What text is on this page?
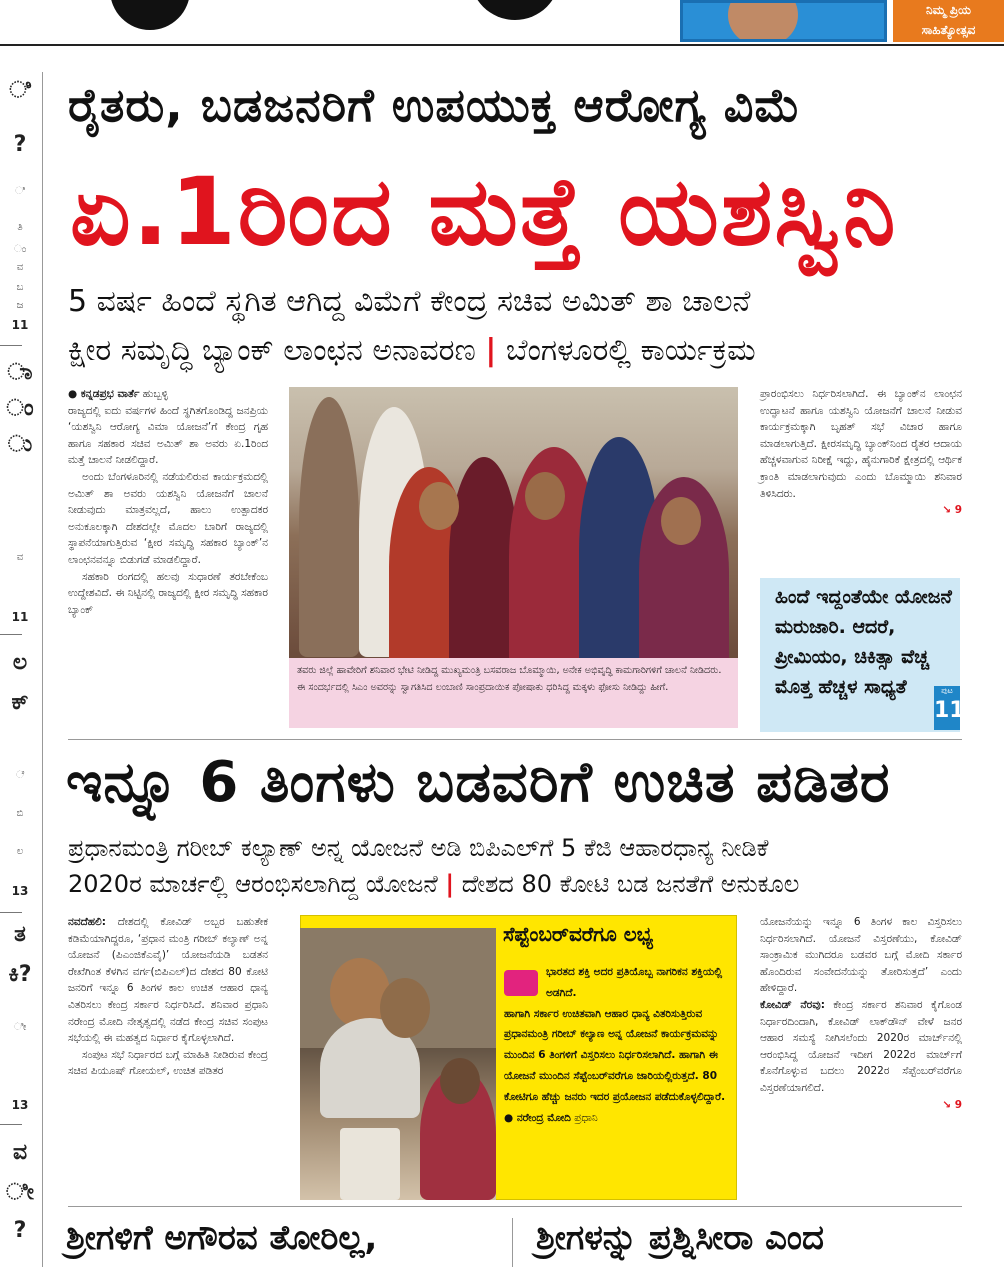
ನಿಮ್ಮ ಪ್ರಿಯ
ಸಾಹಿತ್ಯೋತ್ಸವ
ಿ
?
ಿ
ತಿ
ಂ
ವ
ಬ
ಜ
11
ಾ
ಂ
ು
ವ
11
ಲ
ಕ್
ೆ
ಬಿ
ಲ
13
ತ
ಕಿ?
ೀ
13
ವ
ೀ
?
ರೈತರು, ಬಡಜನರಿಗೆ ಉಪಯುಕ್ತ ಆರೋಗ್ಯ ವಿಮೆ
ಏ.1ರಿಂದ ಮತ್ತೆ ಯಶಸ್ವಿನಿ
5 ವರ್ಷ ಹಿಂದೆ ಸ್ಥಗಿತ ಆಗಿದ್ದ ವಿಮೆಗೆ ಕೇಂದ್ರ ಸಚಿವ ಅಮಿತ್ ಶಾ ಚಾಲನೆ
ಕ್ಷೀರ ಸಮೃದ್ಧಿ ಬ್ಯಾಂಕ್ ಲಾಂಛನ ಅನಾವರಣ | ಬೆಂಗಳೂರಲ್ಲಿ ಕಾರ್ಯಕ್ರಮ

● ಕನ್ನಡಪ್ರಭ ವಾರ್ತೆ ಹುಬ್ಬಳ್ಳಿ

ರಾಜ್ಯದಲ್ಲಿ ಐದು ವರ್ಷಗಳ ಹಿಂದೆ ಸ್ಥಗಿತಗೊಂಡಿದ್ದ ಜನಪ್ರಿಯ ‘ಯಶಸ್ವಿನಿ ಆರೋಗ್ಯ ವಿಮಾ ಯೋಜನೆ’ಗೆ ಕೇಂದ್ರ ಗೃಹ ಹಾಗೂ ಸಹಕಾರ ಸಚಿವ ಅಮಿತ್ ಶಾ ಅವರು ಏ.1ರಿಂದ ಮತ್ತೆ ಚಾಲನೆ ನೀಡಲಿದ್ದಾರೆ.

ಅಂದು ಬೆಂಗಳೂರಿನಲ್ಲಿ ನಡೆಯಲಿರುವ ಕಾರ್ಯಕ್ರಮದಲ್ಲಿ ಅಮಿತ್ ಶಾ ಅವರು ಯಶಸ್ವಿನಿ ಯೋಜನೆಗೆ ಚಾಲನೆ ನೀಡುವುದು ಮಾತ್ರವಲ್ಲದೆ, ಹಾಲು ಉತ್ಪಾದಕರ ಅನುಕೂಲಕ್ಕಾಗಿ ದೇಶದಲ್ಲೇ ಮೊದಲ ಬಾರಿಗೆ ರಾಜ್ಯದಲ್ಲಿ ಸ್ಥಾಪನೆಯಾಗುತ್ತಿರುವ ‘ಕ್ಷೀರ ಸಮೃದ್ಧಿ ಸಹಕಾರ ಬ್ಯಾಂಕ್’ನ ಲಾಂಛನವನ್ನೂ ಬಿಡುಗಡೆ ಮಾಡಲಿದ್ದಾರೆ.

ಸಹಕಾರಿ ರಂಗದಲ್ಲಿ ಹಲವು ಸುಧಾರಣೆ ತರಬೇಕೆಂಬ ಉದ್ದೇಶವಿದೆ. ಈ ನಿಟ್ಟಿನಲ್ಲಿ ರಾಜ್ಯದಲ್ಲಿ ಕ್ಷೀರ ಸಮೃದ್ಧಿ ಸಹಕಾರ ಬ್ಯಾಂಕ್

ತವರು ಜಿಲ್ಲೆ ಹಾವೇರಿಗೆ ಶನಿವಾರ ಭೇಟಿ ನೀಡಿದ್ದ ಮುಖ್ಯಮಂತ್ರಿ ಬಸವರಾಜ ಬೊಮ್ಮಾಯಿ, ಅನೇಕ ಅಭಿವೃದ್ಧಿ ಕಾಮಗಾರಿಗಳಿಗೆ ಚಾಲನೆ ನೀಡಿದರು. ಈ ಸಂದರ್ಭದಲ್ಲಿ ಸಿಎಂ ಅವರನ್ನು ಸ್ವಾಗತಿಸಿದ ಲಂಬಾಣಿ ಸಾಂಪ್ರದಾಯಿಕ ಪೋಷಾಕು ಧರಿಸಿದ್ದ ಮಕ್ಕಳು ಫೋಸು ನೀಡಿದ್ದು ಹೀಗೆ.

ಪ್ರಾರಂಭಿಸಲು ನಿರ್ಧರಿಸಲಾಗಿದೆ. ಈ ಬ್ಯಾಂಕ್‌ನ ಲಾಂಛನ ಉದ್ಘಾಟನೆ ಹಾಗೂ ಯಶಸ್ವಿನಿ ಯೋಜನೆಗೆ ಚಾಲನೆ ನೀಡುವ ಕಾರ್ಯಕ್ರಮಕ್ಕಾಗಿ ಬೃಹತ್ ಸಭೆ ವಿಚಾರ ಹಾಗೂ ಮಾಡಲಾಗುತ್ತಿದೆ. ಕ್ಷೀರಸಮೃದ್ಧಿ ಬ್ಯಾಂಕ್‌ನಿಂದ ರೈತರ ಆದಾಯ ಹೆಚ್ಚಳವಾಗುವ ನಿರೀಕ್ಷೆ ಇದ್ದು, ಹೈನುಗಾರಿಕೆ ಕ್ಷೇತ್ರದಲ್ಲಿ ಆರ್ಥಿಕ ಕ್ರಾಂತಿ ಮಾಡಲಾಗುವುದು ಎಂದು ಬೊಮ್ಮಾಯಿ ಶನಿವಾರ ತಿಳಿಸಿದರು.

↘ 9
ಹಿಂದೆ ಇದ್ದಂತೆಯೇ ಯೋಜನೆ ಮರುಜಾರಿ. ಆದರೆ, ಪ್ರೀಮಿಯಂ, ಚಿಕಿತ್ಸಾ ವೆಚ್ಚ ಮೊತ್ತ ಹೆಚ್ಚಳ ಸಾಧ್ಯತೆ	ಪುಟ
11
ಇನ್ನೂ 6 ತಿಂಗಳು ಬಡವರಿಗೆ ಉಚಿತ ಪಡಿತರ
ಪ್ರಧಾನಮಂತ್ರಿ ಗರೀಬ್ ಕಲ್ಯಾಣ್ ಅನ್ನ ಯೋಜನೆ ಅಡಿ ಬಿಪಿಎಲ್‌ಗೆ 5 ಕೆಜಿ ಆಹಾರಧಾನ್ಯ ನೀಡಿಕೆ
2020ರ ಮಾರ್ಚಲ್ಲಿ ಆರಂಭಿಸಲಾಗಿದ್ದ ಯೋಜನೆ | ದೇಶದ 80 ಕೋಟಿ ಬಡ ಜನತೆಗೆ ಅನುಕೂಲ

ನವದೆಹಲಿ: ದೇಶದಲ್ಲಿ ಕೋವಿಡ್ ಅಬ್ಬರ ಬಹುತೇಕ ಕಡಿಮೆಯಾಗಿದ್ದರೂ, ‘ಪ್ರಧಾನ ಮಂತ್ರಿ ಗರೀಬ್ ಕಲ್ಯಾಣ್ ಅನ್ನ ಯೋಜನೆ (ಪಿಎಂಜಿಕೆಎವೈ)’ ಯೋಜನೆಯಡಿ ಬಡತನ ರೇಖೆಗಿಂತ ಕೆಳಗಿನ ವರ್ಗ(ಬಿಪಿಎಲ್)ದ ದೇಶದ 80 ಕೋಟಿ ಜನರಿಗೆ ಇನ್ನೂ 6 ತಿಂಗಳ ಕಾಲ ಉಚಿತ ಆಹಾರ ಧಾನ್ಯ ವಿತರಿಸಲು ಕೇಂದ್ರ ಸರ್ಕಾರ ನಿರ್ಧರಿಸಿದೆ. ಶನಿವಾರ ಪ್ರಧಾನಿ ನರೇಂದ್ರ ಮೋದಿ ನೇತೃತ್ವದಲ್ಲಿ ನಡೆದ ಕೇಂದ್ರ ಸಚಿವ ಸಂಪುಟ ಸಭೆಯಲ್ಲಿ ಈ ಮಹತ್ವದ ನಿರ್ಧಾರ ಕೈಗೊಳ್ಳಲಾಗಿದೆ.

ಸಂಪುಟ ಸಭೆ ನಿರ್ಧಾರದ ಬಗ್ಗೆ ಮಾಹಿತಿ ನೀಡಿರುವ ಕೇಂದ್ರ ಸಚಿವ ಪಿಯೂಷ್ ಗೋಯಲ್, ಉಚಿತ ಪಡಿತರ

ಸೆಪ್ಟೆಂಬರ್‌ವರೆಗೂ ಲಭ್ಯ
ಭಾರತದ ಶಕ್ತಿ ಅದರ ಪ್ರತಿಯೊಬ್ಬ ನಾಗರಿಕನ ಶಕ್ತಿಯಲ್ಲಿ ಅಡಗಿದೆ.
ಹಾಗಾಗಿ ಸರ್ಕಾರ ಉಚಿತವಾಗಿ ಆಹಾರ ಧಾನ್ಯ ವಿತರಿಸುತ್ತಿರುವ ಪ್ರಧಾನಮಂತ್ರಿ ಗರೀಬ್ ಕಲ್ಯಾಣ ಅನ್ನ ಯೋಜನೆ ಕಾರ್ಯಕ್ರಮವನ್ನು ಮುಂದಿನ 6 ತಿಂಗಳಿಗೆ ವಿಸ್ತರಿಸಲು ನಿರ್ಧರಿಸಲಾಗಿದೆ. ಹಾಗಾಗಿ ಈ ಯೋಜನೆ ಮುಂದಿನ ಸೆಪ್ಟೆಂಬರ್‌ವರೆಗೂ ಜಾರಿಯಲ್ಲಿರುತ್ತದೆ. 80 ಕೋಟಿಗೂ ಹೆಚ್ಚು ಜನರು ಇದರ ಪ್ರಯೋಜನ ಪಡೆದುಕೊಳ್ಳಲಿದ್ದಾರೆ.
● ನರೇಂದ್ರ ಮೋದಿ ಪ್ರಧಾನಿ

ಯೋಜನೆಯನ್ನು ಇನ್ನೂ 6 ತಿಂಗಳ ಕಾಲ ವಿಸ್ತರಿಸಲು ನಿರ್ಧರಿಸಲಾಗಿದೆ. ಯೋಜನೆ ವಿಸ್ತರಣೆಯು, ಕೋವಿಡ್ ಸಾಂಕ್ರಾಮಿಕ ಮುಗಿದರೂ ಬಡವರ ಬಗ್ಗೆ ಮೋದಿ ಸರ್ಕಾರ ಹೊಂದಿರುವ ಸಂವೇದನೆಯನ್ನು ತೋರಿಸುತ್ತದೆ’ ಎಂದು ಹೇಳಿದ್ದಾರೆ.

ಕೋವಿಡ್ ನೆರವು: ಕೇಂದ್ರ ಸರ್ಕಾರ ಶನಿವಾರ ಕೈಗೊಂಡ ನಿರ್ಧಾರದಿಂದಾಗಿ, ಕೋವಿಡ್ ಲಾಕ್‌ಡೌನ್ ವೇಳೆ ಜನರ ಆಹಾರ ಸಮಸ್ಯೆ ನೀಗಿಸಲೆಂದು 2020ರ ಮಾರ್ಚ್‌ನಲ್ಲಿ ಆರಂಭಿಸಿದ್ದ ಯೋಜನೆ ಇದೀಗ 2022ರ ಮಾರ್ಚ್‌ಗೆ ಕೊನೆಗೊಳ್ಳುವ ಬದಲು 2022ರ ಸೆಪ್ಟೆಂಬರ್‌ವರೆಗೂ ವಿಸ್ತರಣೆಯಾಗಲಿದೆ.

↘ 9
ಶ್ರೀಗಳಿಗೆ ಅಗೌರವ ತೋರಿಲ್ಲ,	ಶ್ರೀಗಳನ್ನು ಪ್ರಶ್ನಿಸೀರಾ ಎಂದ
